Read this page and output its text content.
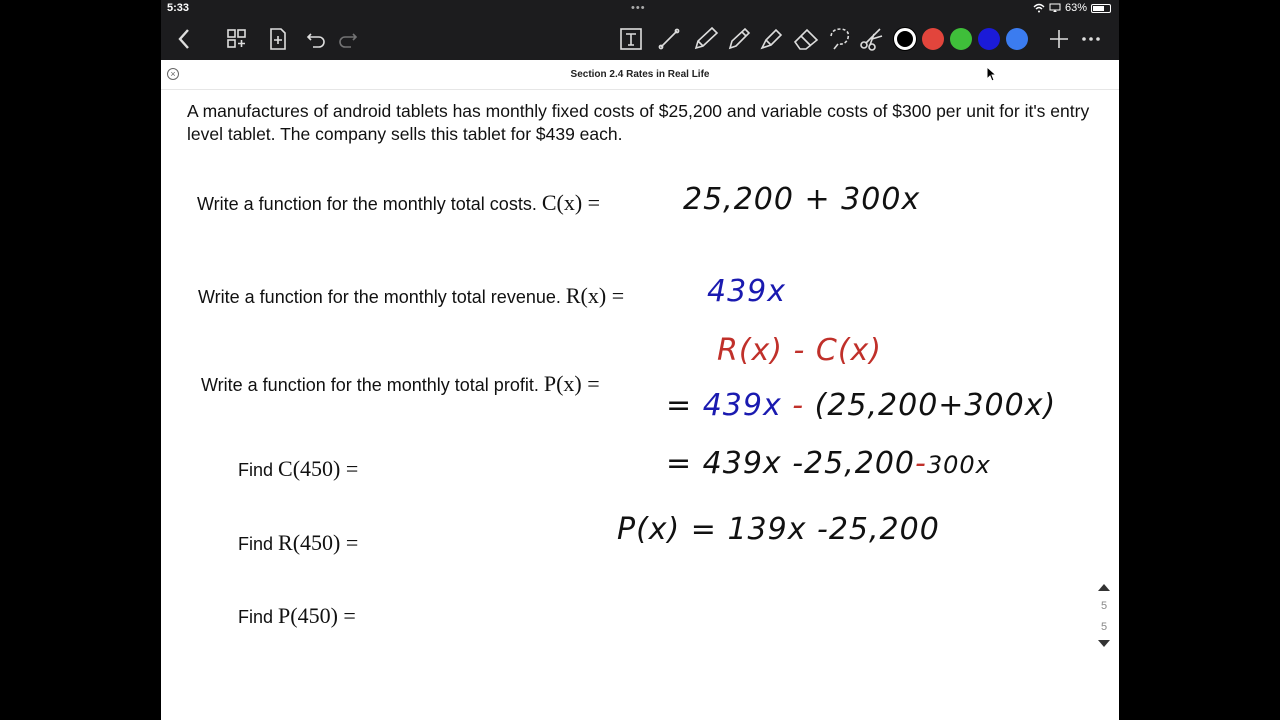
5:33	•••	63%
×	Section 2.4 Rates in Real Life
A manufactures of android tablets has monthly fixed costs of $25,200 and variable costs of $300 per unit for it's entry level tablet. The company sells this tablet for $439 each.
Write a function for the monthly total costs. C(x) =
Write a function for the monthly total revenue. R(x) =
Write a function for the monthly total profit. P(x) =
Find C(450) =
Find R(450) =
Find P(450) =
25,200 + 300x
439x
R(x) - C(x)
= 439x - (25,200+300x)
= 439x -25,200-300x
P(x) = 139x -25,200
5
5
